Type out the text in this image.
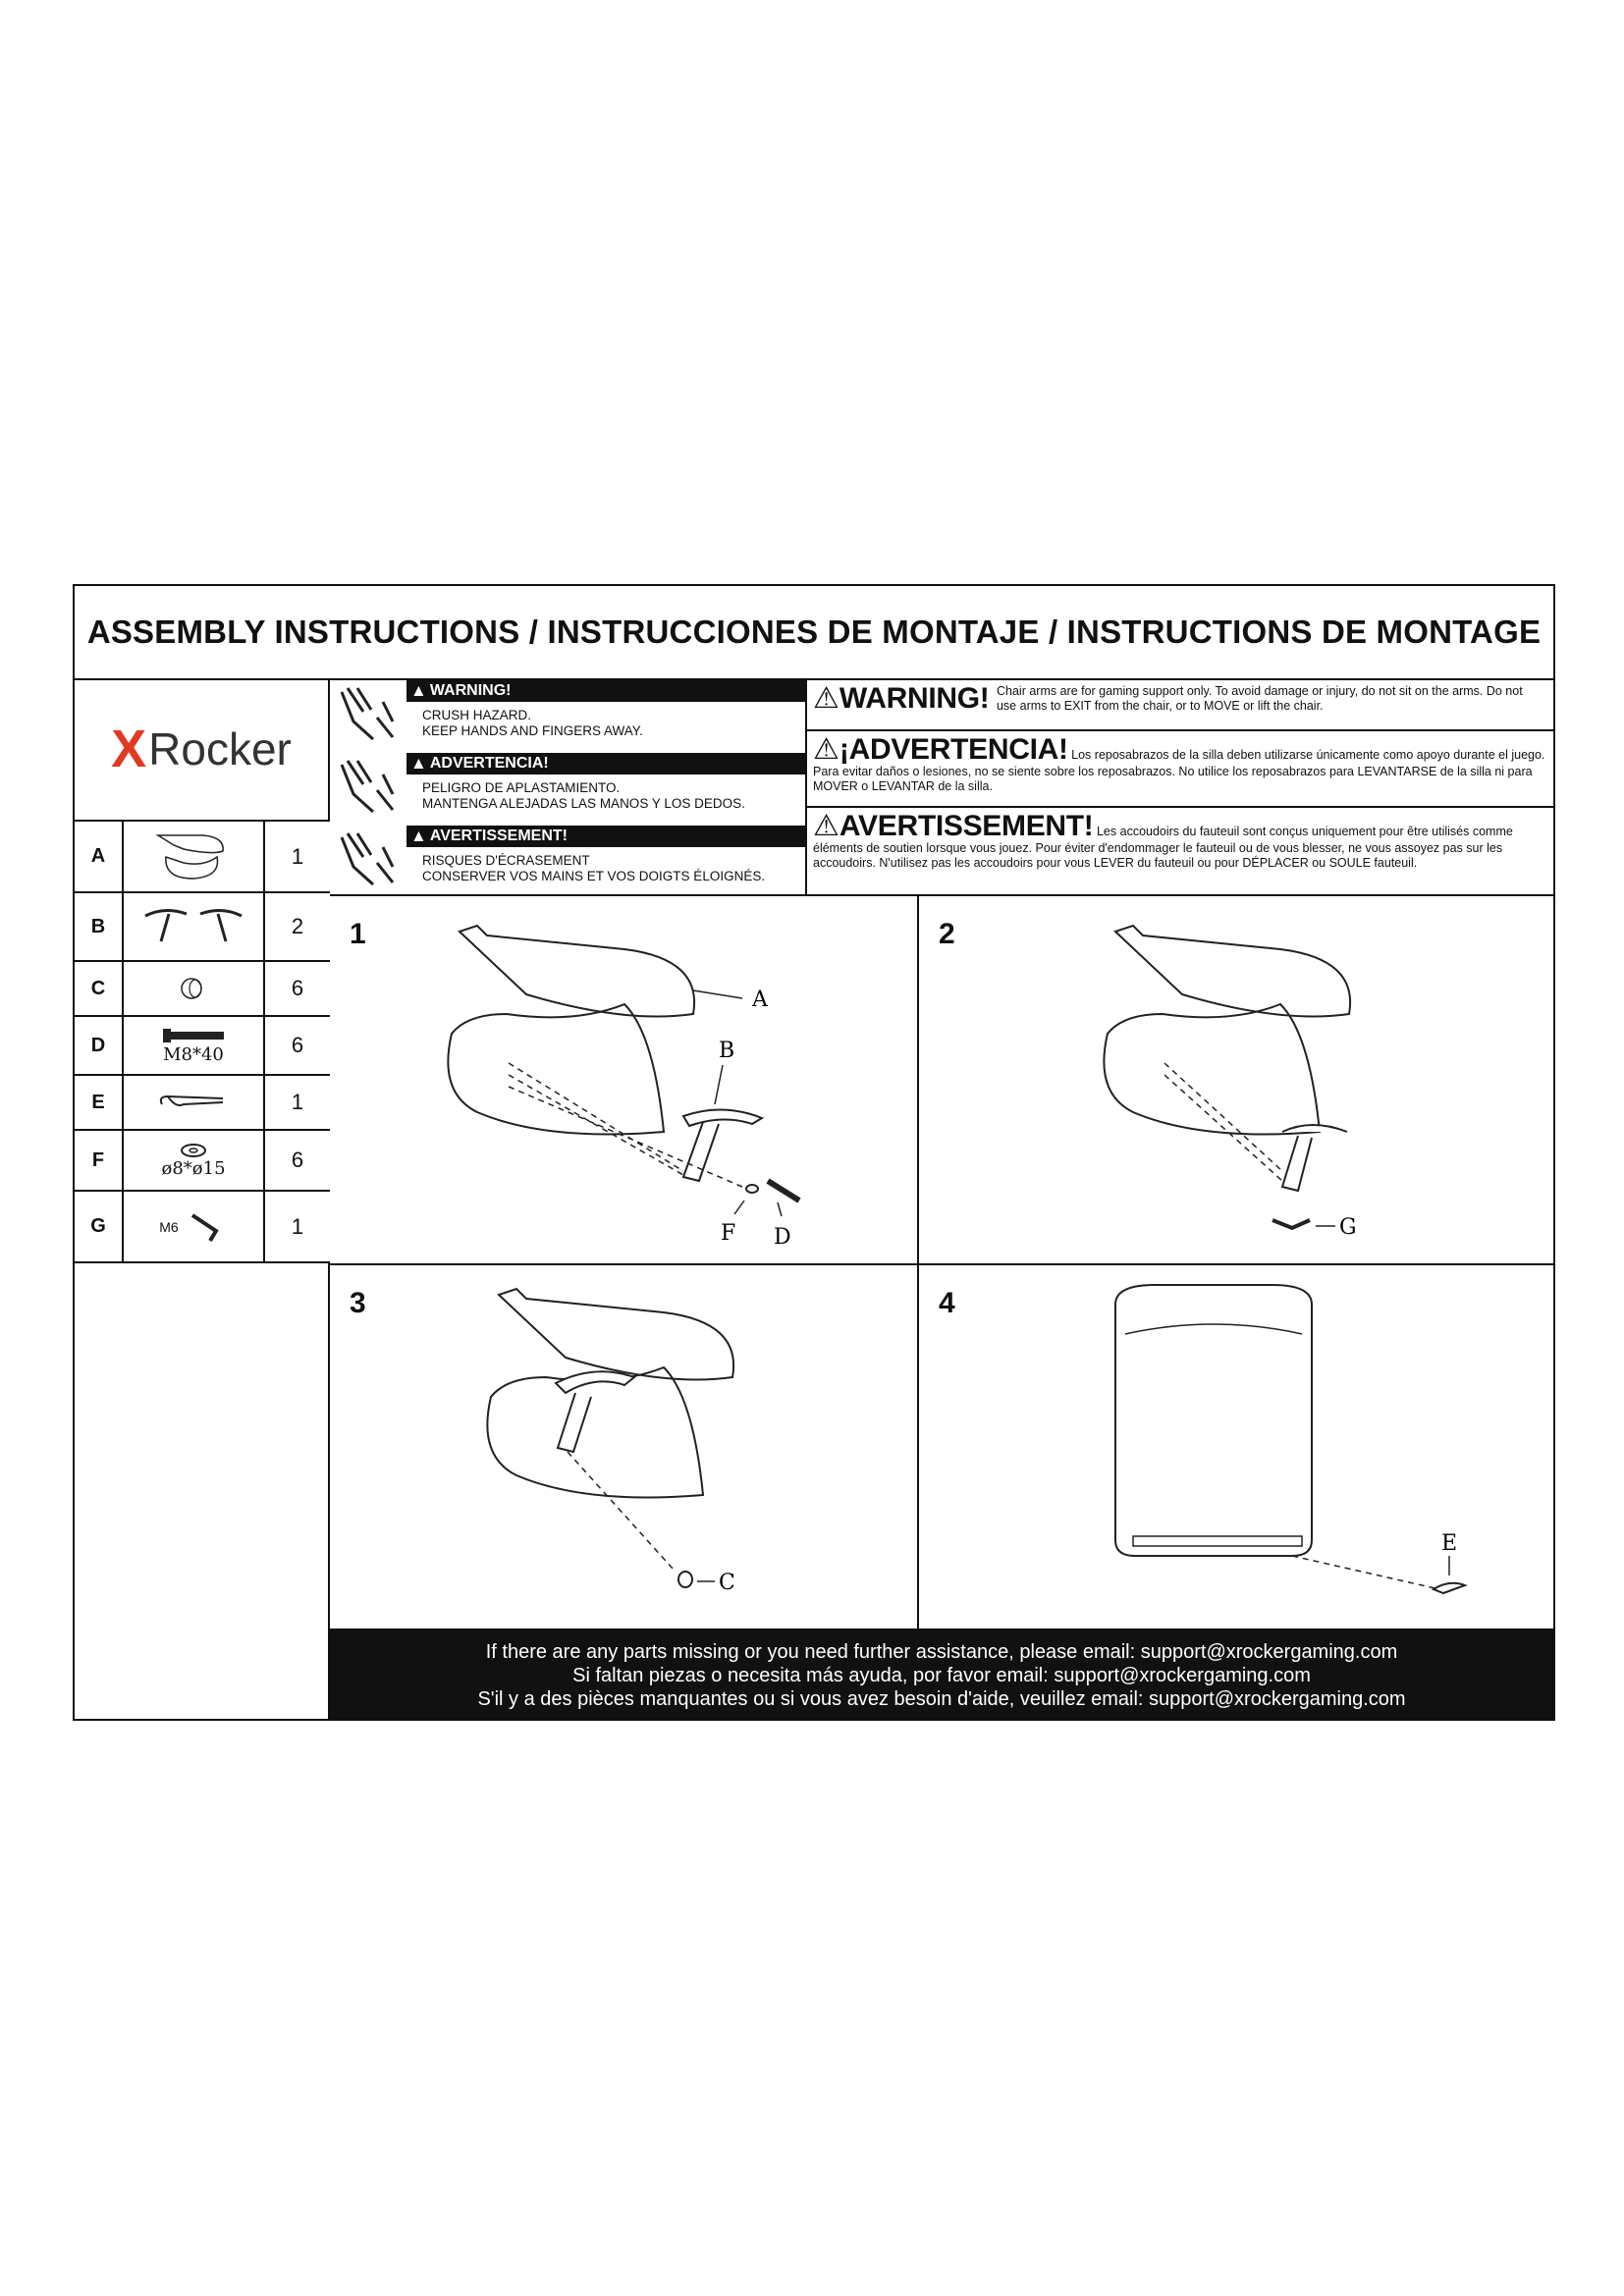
ASSEMBLY INSTRUCTIONS / INSTRUCCIONES DE MONTAJE / INSTRUCTIONS DE MONTAGE
X Rocker
A	1
B	2
C	6
D	M8*40	6
E	1
F	ø8*ø15	6
G	M6	1
▲ WARNING!
CRUSH HAZARD.
KEEP HANDS AND FINGERS AWAY.
▲ ADVERTENCIA!
PELIGRO DE APLASTAMIENTO.
MANTENGA ALEJADAS LAS MANOS Y LOS DEDOS.
▲ AVERTISSEMENT!
RISQUES D'ÉCRASEMENT
CONSERVER VOS MAINS ET VOS DOIGTS ÉLOIGNÉS.
⚠WARNING! Chair arms are for gaming support only. To avoid damage or injury, do not sit on the arms. Do not use arms to EXIT from the chair, or to MOVE or lift the chair.
⚠¡ADVERTENCIA! Los reposabrazos de la silla deben utilizarse únicamente como apoyo durante el juego. Para evitar daños o lesiones, no se siente sobre los reposabrazos. No utilice los reposabrazos para LEVANTARSE de la silla ni para MOVER o LEVANTAR de la silla.
⚠AVERTISSEMENT! Les accoudoirs du fauteuil sont conçus uniquement pour être utilisés comme éléments de soutien lorsque vous jouez. Pour éviter d'endommager le fauteuil ou de vous blesser, ne vous assoyez pas sur les accoudoirs. N'utilisez pas les accoudoirs pour vous LEVER du fauteuil ou pour DÉPLACER ou SOULE fauteuil.
1
A
B
F D
2
G
3
C
4
E
If there are any parts missing or you need further assistance, please email: support@xrockergaming.com
Si faltan piezas o necesita más ayuda, por favor email: support@xrockergaming.com
S'il y a des pièces manquantes ou si vous avez besoin d'aide, veuillez email: support@xrockergaming.com
